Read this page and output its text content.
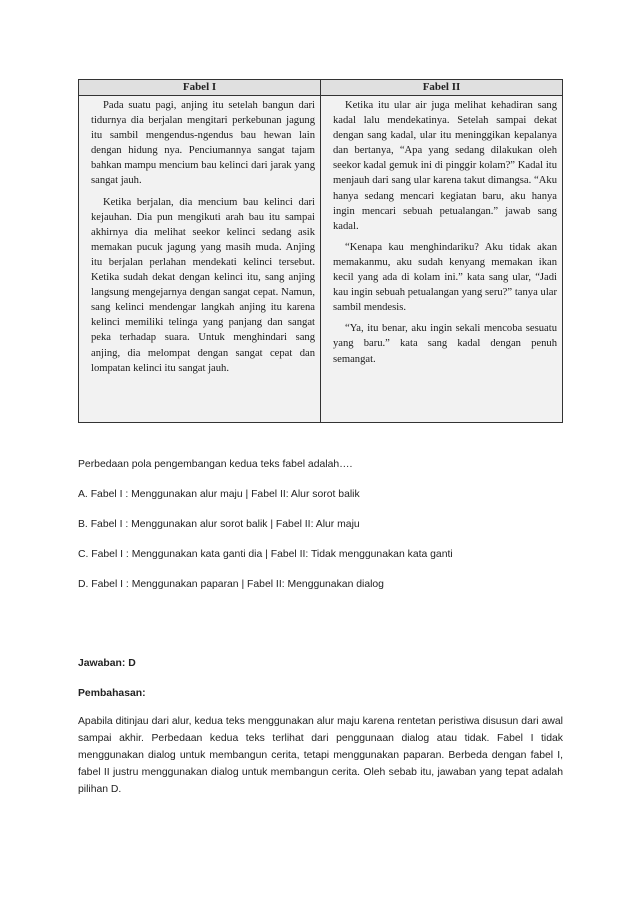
Fabel I	Fabel II

Pada suatu pagi, anjing itu setelah bangun dari tidurnya dia berjalan mengitari perkebunan jagung itu sambil mengendus-ngendus bau hewan lain dengan hidung nya. Penciumannya sangat tajam bahkan mampu mencium bau kelinci dari jarak yang sangat jauh.

Ketika berjalan, dia mencium bau kelinci dari kejauhan. Dia pun mengikuti arah bau itu sampai akhirnya dia melihat seekor kelinci sedang asik memakan pucuk jagung yang masih muda. Anjing itu berjalan perlahan mendekati kelinci tersebut. Ketika sudah dekat dengan kelinci itu, sang anjing langsung mengejarnya dengan sangat cepat. Namun, sang kelinci mendengar langkah anjing itu karena kelinci memiliki telinga yang panjang dan sangat peka terhadap suara. Untuk menghindari sang anjing, dia melompat dengan sangat cepat dan lompatan kelinci itu sangat jauh.

Ketika itu ular air juga melihat kehadiran sang kadal lalu mendekatinya. Setelah sampai dekat dengan sang kadal, ular itu meninggikan kepalanya dan bertanya, “Apa yang sedang dilakukan oleh seekor kadal gemuk ini di pinggir kolam?” Kadal itu menjauh dari sang ular karena takut dimangsa. “Aku hanya sedang mencari kegiatan baru, aku hanya ingin mencari sebuah petualangan.” jawab sang kadal.

“Kenapa kau menghindariku? Aku tidak akan memakanmu, aku sudah kenyang memakan ikan kecil yang ada di kolam ini.” kata sang ular, “Jadi kau ingin sebuah petualangan yang seru?” tanya ular sambil mendesis.

“Ya, itu benar, aku ingin sekali mencoba sesuatu yang baru.” kata sang kadal dengan penuh semangat.

Perbedaan pola pengembangan kedua teks fabel adalah….
A. Fabel I : Menggunakan alur maju | Fabel II: Alur sorot balik
B. Fabel I : Menggunakan alur sorot balik | Fabel II: Alur maju
C. Fabel I : Menggunakan kata ganti dia | Fabel II: Tidak menggunakan kata ganti
D. Fabel I : Menggunakan paparan | Fabel II: Menggunakan dialog
Jawaban: D
Pembahasan:
Apabila ditinjau dari alur, kedua teks menggunakan alur maju karena rentetan peristiwa disusun dari awal sampai akhir. Perbedaan kedua teks terlihat dari penggunaan dialog atau tidak. Fabel I tidak menggunakan dialog untuk membangun cerita, tetapi menggunakan paparan. Berbeda dengan fabel I, fabel II justru menggunakan dialog untuk membangun cerita. Oleh sebab itu, jawaban yang tepat adalah pilihan D.
